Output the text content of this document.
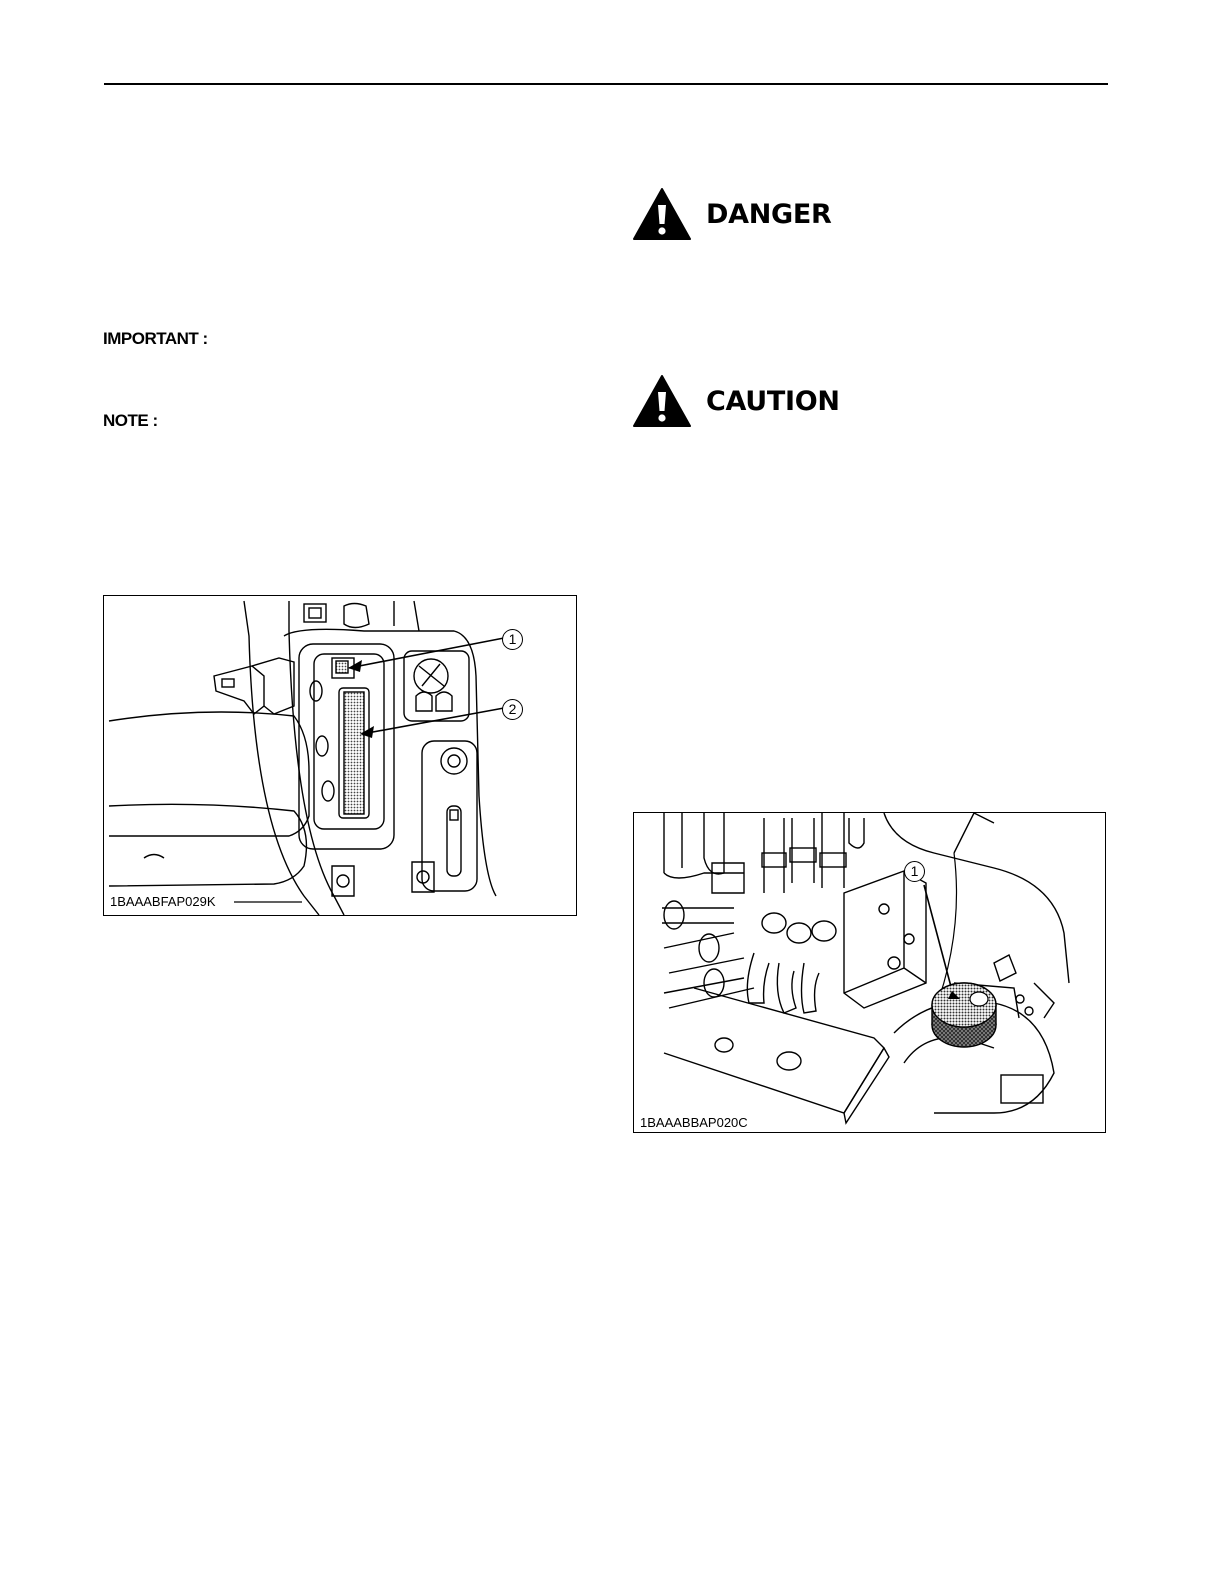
IMPORTANT :
NOTE :
DANGER
CAUTION
1
2
1BAAABFAP029K
1
1BAAABBAP020C
